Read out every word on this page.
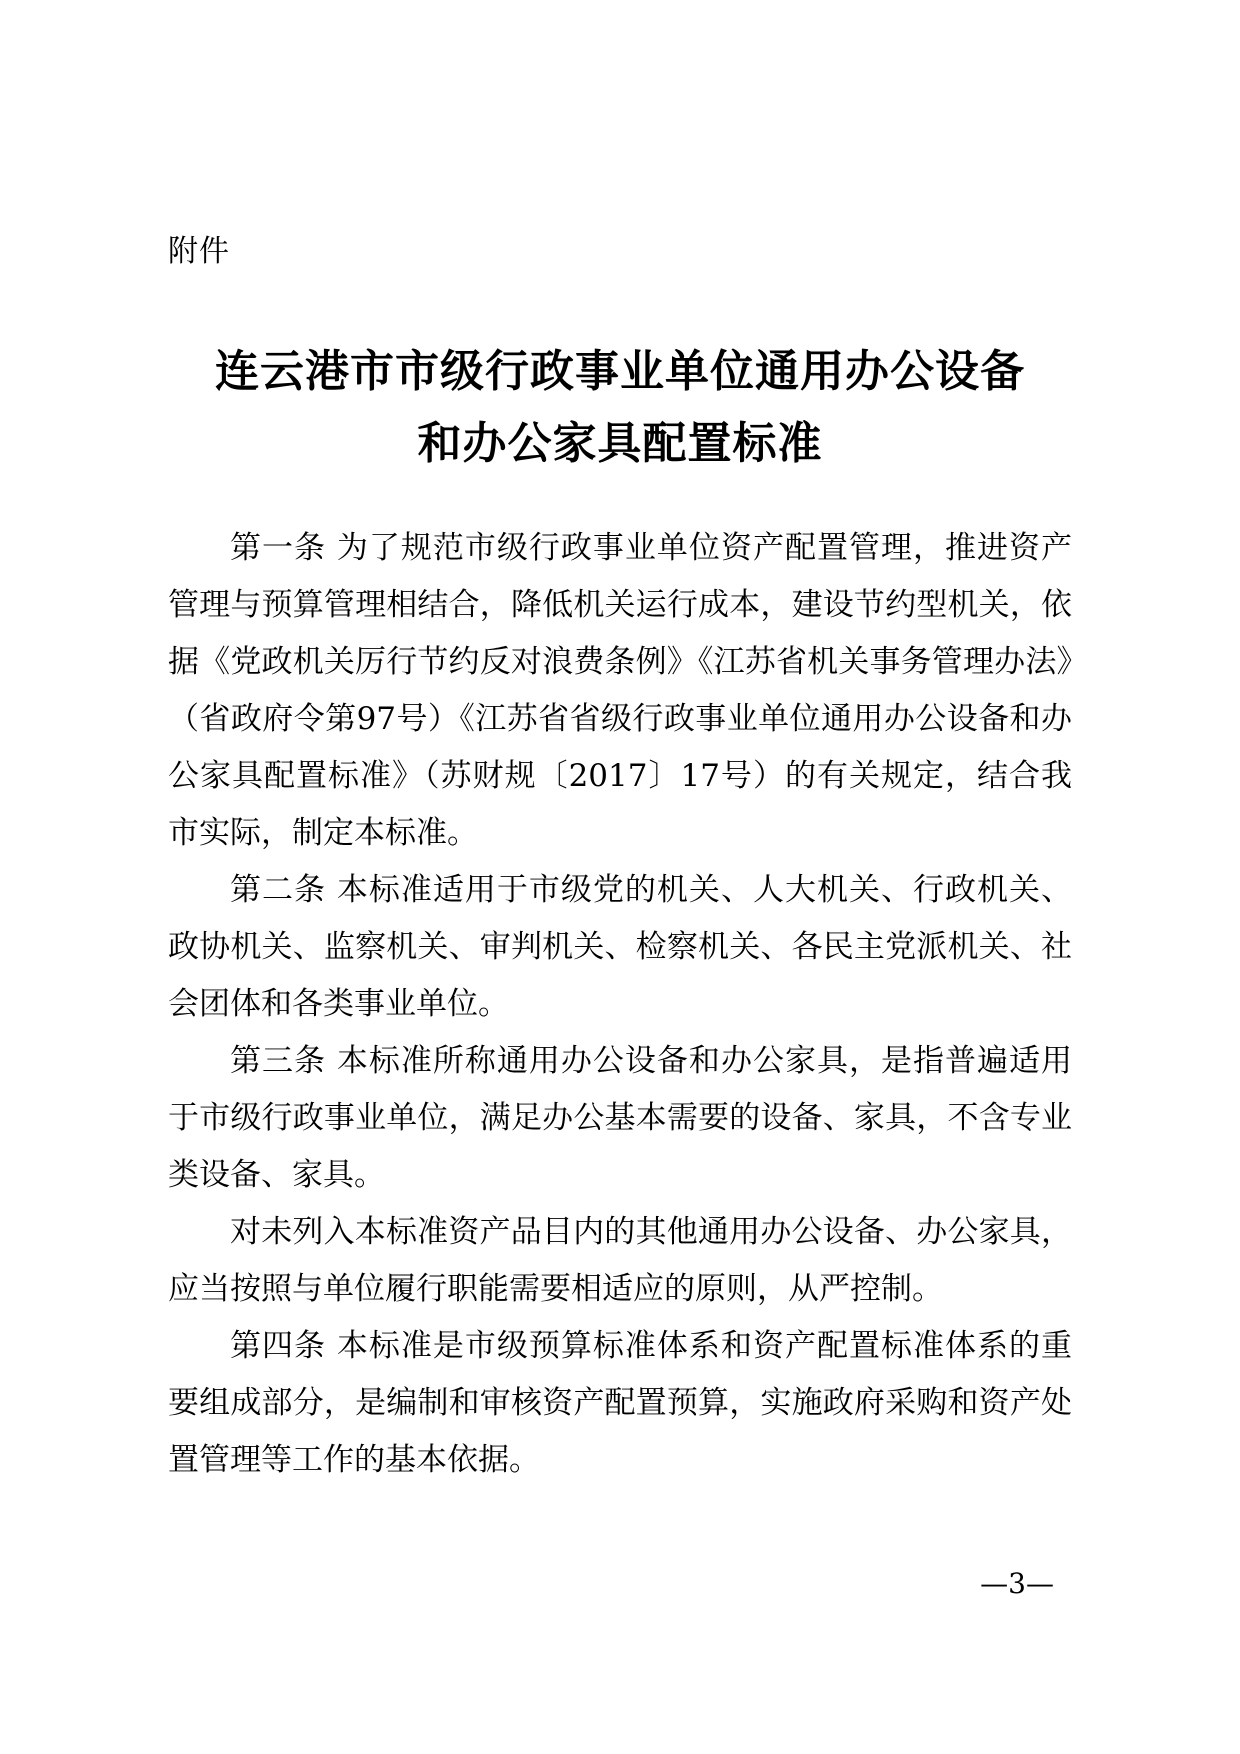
附件
连云港市市级行政事业单位通用办公设备
和办公家具配置标准

第一条 为了规范市级行政事业单位资产配置管理，推进资产管理与预算管理相结合，降低机关运行成本，建设节约型机关，依据《党政机关厉行节约反对浪费条例》《江苏省机关事务管理办法》（省政府令第97号）《江苏省省级行政事业单位通用办公设备和办公家具配置标准》（苏财规〔2017〕17号）的有关规定，结合我市实际，制定本标准。

第二条 本标准适用于市级党的机关、人大机关、行政机关、政协机关、监察机关、审判机关、检察机关、各民主党派机关、社会团体和各类事业单位。

第三条 本标准所称通用办公设备和办公家具，是指普遍适用于市级行政事业单位，满足办公基本需要的设备、家具，不含专业类设备、家具。

对未列入本标准资产品目内的其他通用办公设备、办公家具，应当按照与单位履行职能需要相适应的原则，从严控制。

第四条 本标准是市级预算标准体系和资产配置标准体系的重要组成部分，是编制和审核资产配置预算，实施政府采购和资产处置管理等工作的基本依据。

—3—
